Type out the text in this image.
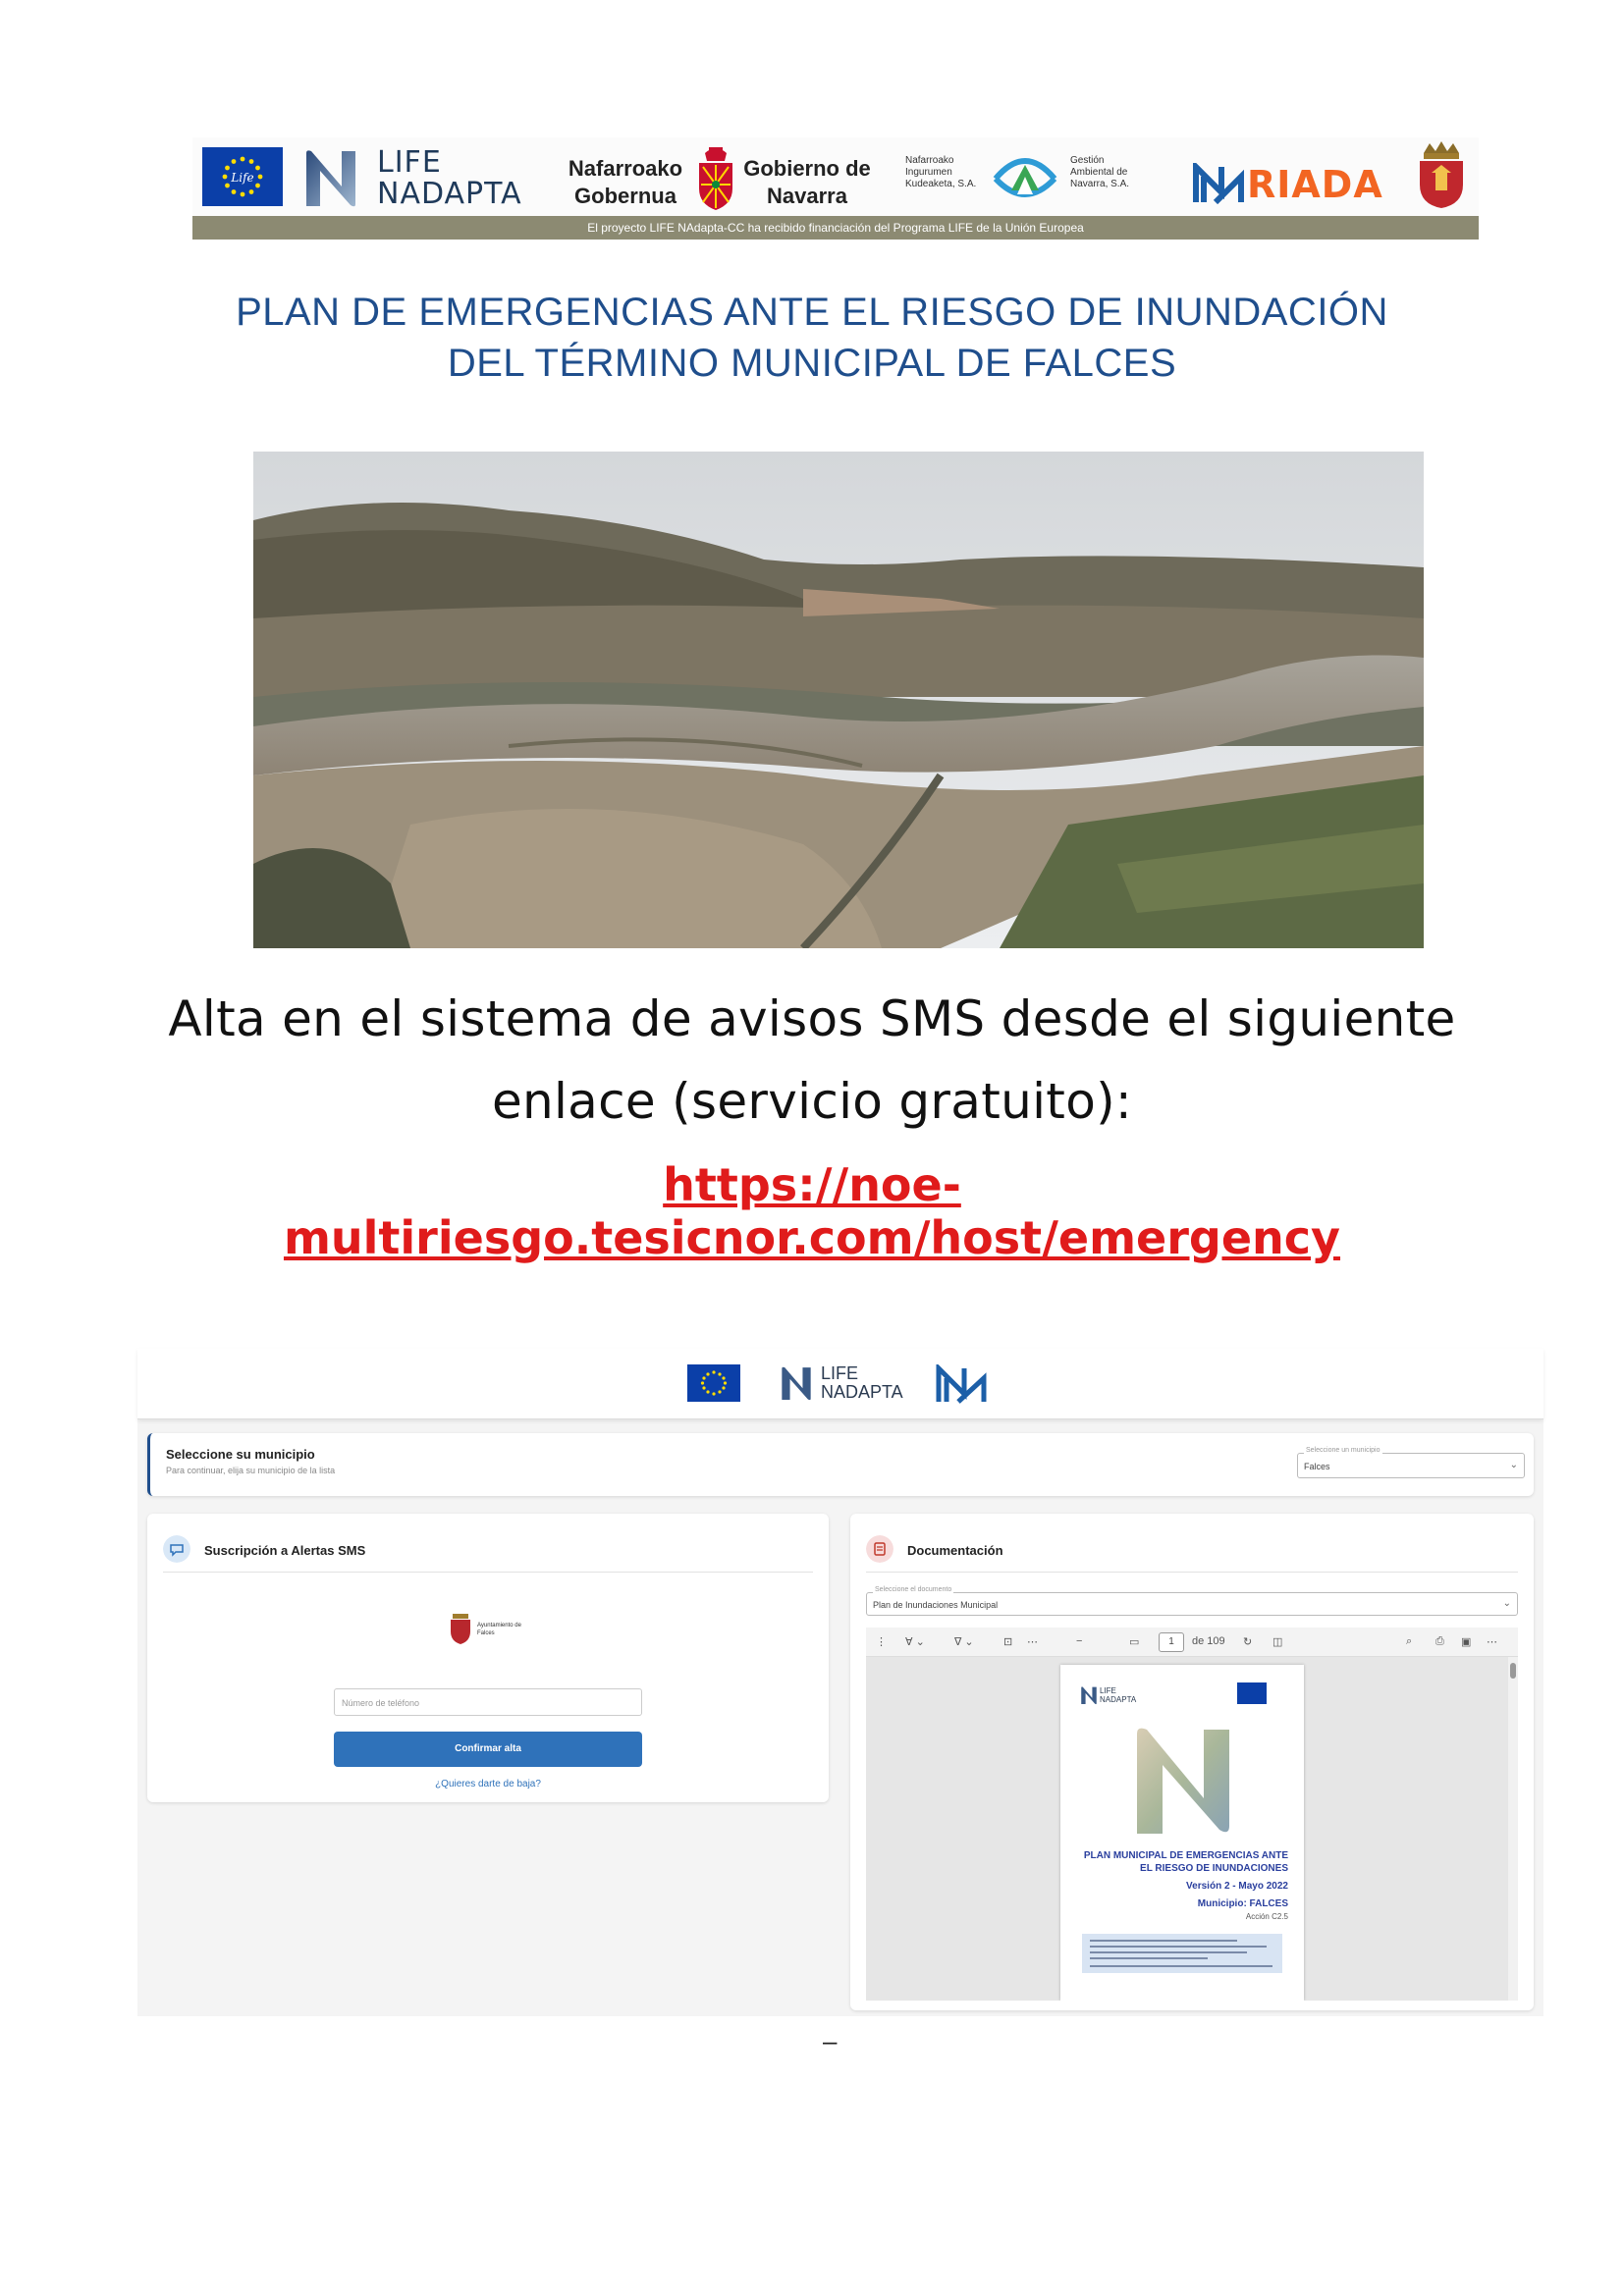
Life	LIFE NADAPTA
Nafarroako Gobernua
Gobierno de Navarra
Nafarroako Ingurumen Kudeaketa, S.A.
Gestión Ambiental de Navarra, S.A.	RIADA
El proyecto LIFE NAdapta-CC ha recibido financiación del Programa LIFE de la Unión Europea
PLAN DE EMERGENCIAS ANTE EL RIESGO DE INUNDACIÓN
DEL TÉRMINO MUNICIPAL DE FALCES
Alta en el sistema de avisos SMS desde el siguiente
enlace (servicio gratuito):
https://noe-multiriesgo.tesicnor.com/host/emergency
LIFE NADAPTA
Seleccione su municipio
Para continuar, elija su municipio de la lista
Seleccione un municipio
Falces	⌄
Suscripción a Alertas SMS
Ayuntamiento de Falces
Número de teléfono
Confirmar alta
¿Quieres darte de baja?
Documentación
Seleccione el documento
Plan de Inundaciones Municipal	⌄
⋮ ∀ ⌄	∇ ⌄	⊡ ⋯	−	▭	1	de 109 ↻ ◫	⌕ ⎙ ▣ ⋯
LIFE NADAPTA
PLAN MUNICIPAL DE EMERGENCIAS ANTE
EL RIESGO DE INUNDACIONES
Versión 2 - Mayo 2022
Municipio: FALCES
Acción C2.5
–
